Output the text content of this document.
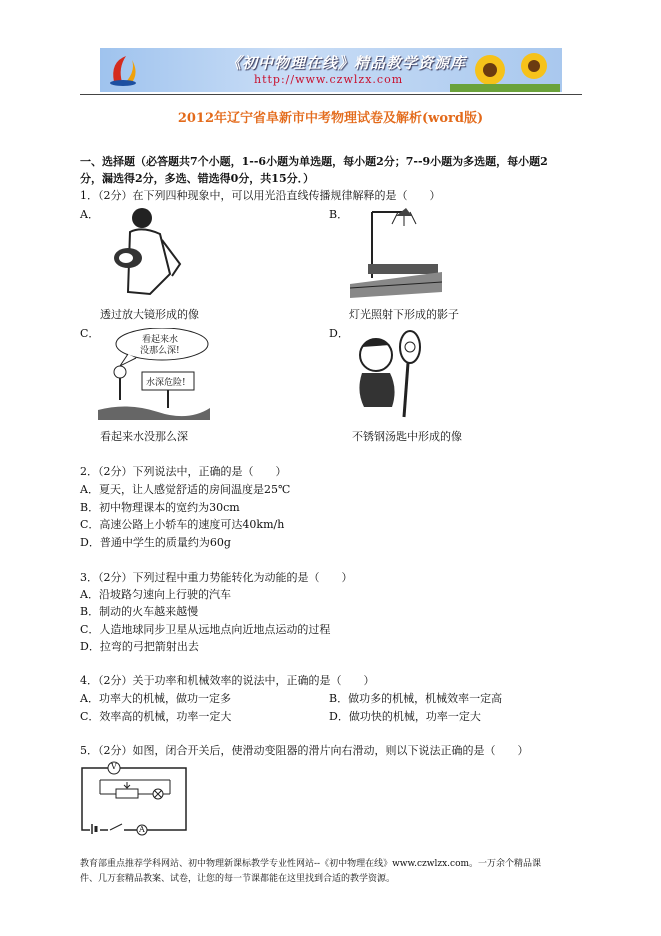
《初中物理在线》精品教学资源库
http://www.czwlzx.com
2012年辽宁省阜新市中考物理试卷及解析(word版)
一、选择题（必答题共7个小题，1--6小题为单选题，每小题2分；7--9小题为多选题，每小题2
分，漏选得2分，多选、错选得0分，共15分．）
1．（2分）在下列四种现象中，可以用光沿直线传播规律解释的是（　　）
A．	B．
透过放大镜形成的像	灯光照射下形成的影子
C．	D．
看起来水
没那么深!
水深危险!
看起来水没那么深	不锈钢汤匙中形成的像
2．（2分）下列说法中，正确的是（　　）
A．夏天，让人感觉舒适的房间温度是25℃
B．初中物理课本的宽约为30cm
C．高速公路上小轿车的速度可达40km/h
D．普通中学生的质量约为60g
3．（2分）下列过程中重力势能转化为动能的是（　　）
A．沿坡路匀速向上行驶的汽车
B．制动的火车越来越慢
C．人造地球同步卫星从远地点向近地点运动的过程
D．拉弯的弓把箭射出去
4．（2分）关于功率和机械效率的说法中，正确的是（　　）
A．功率大的机械，做功一定多	B．做功多的机械，机械效率一定高
C．效率高的机械，功率一定大	D．做功快的机械，功率一定大
5．（2分）如图，闭合开关后，使滑动变阻器的滑片向右滑动，则以下说法正确的是（　　）
V
A
教育部重点推荐学科网站、初中物理新课标教学专业性网站--《初中物理在线》www.czwlzx.com。一万余个精品课
件、几万套精品教案、试卷，让您的每一节课都能在这里找到合适的教学资源。
